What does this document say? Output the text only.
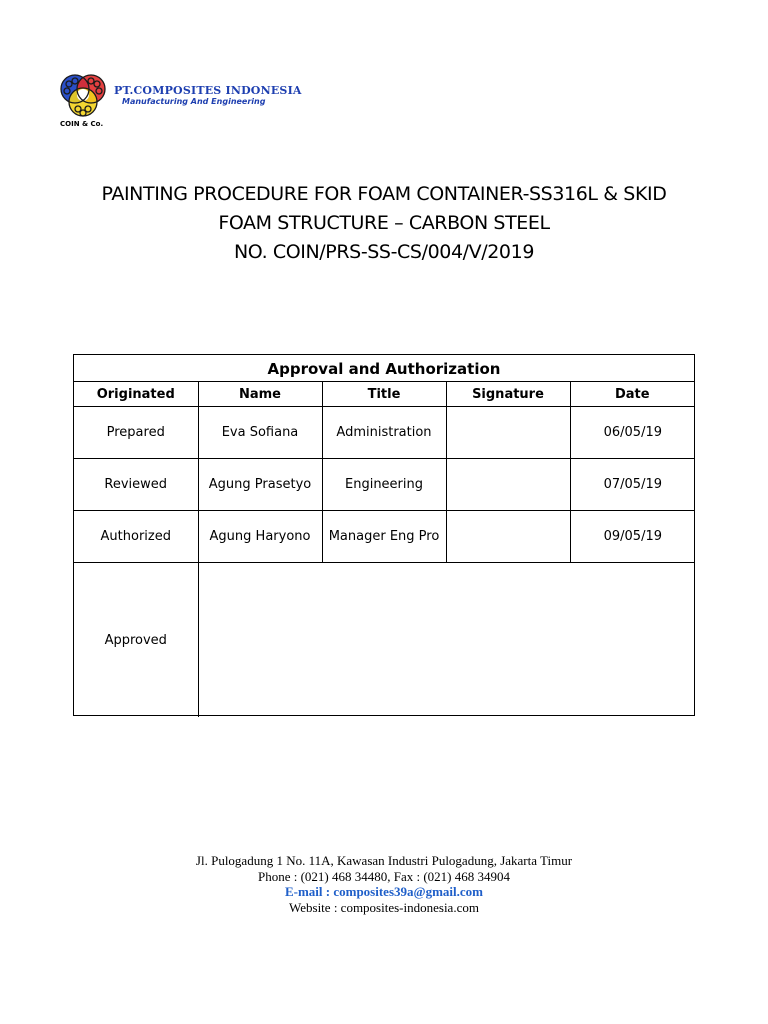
PT.COMPOSITES INDONESIA
Manufacturing And Engineering
COIN & Co.
PAINTING PROCEDURE FOR FOAM CONTAINER-SS316L & SKID
FOAM STRUCTURE – CARBON STEEL
NO. COIN/PRS-SS-CS/004/V/2019
Approval and Authorization				
Originated	Name	Title	Signature	Date
Prepared	Eva Sofiana	Administration		06/05/19
Reviewed	Agung Prasetyo	Engineering		07/05/19
Authorized	Agung Haryono	Manager Eng Pro		09/05/19
Approved				
Jl. Pulogadung 1 No. 11A, Kawasan Industri Pulogadung, Jakarta Timur
Phone : (021) 468 34480, Fax : (021) 468 34904
E-mail : composites39a@gmail.com
Website : composites-indonesia.com
